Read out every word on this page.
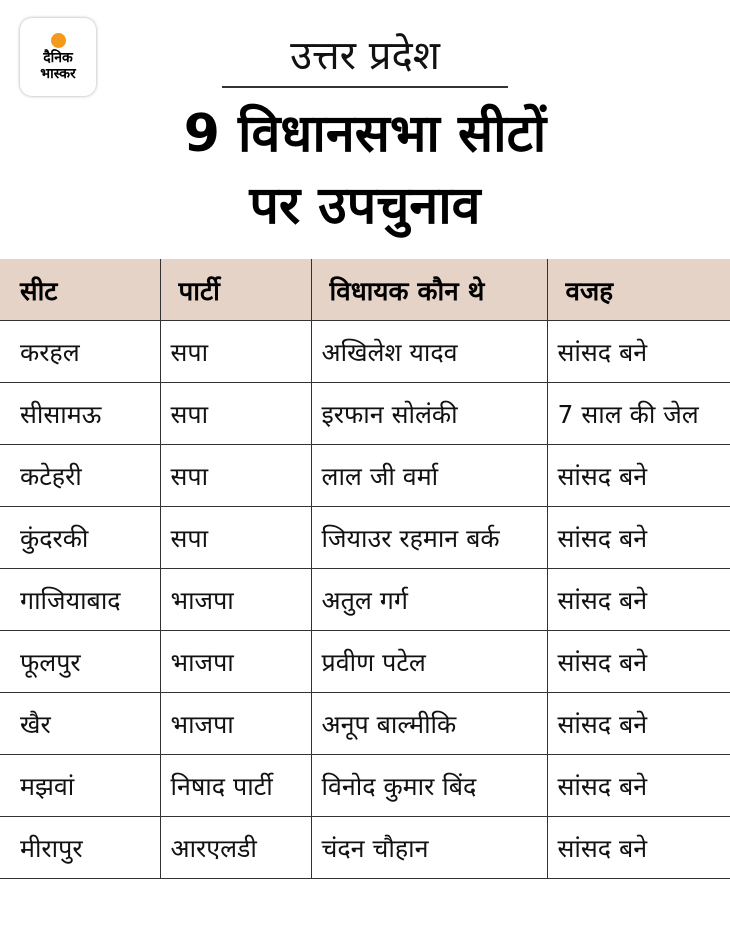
दैनिक
भास्कर	उत्तर प्रदेश
9 विधानसभा सीटों
पर उपचुनाव
सीट	पार्टी	विधायक कौन थे	वजह
करहल	सपा	अखिलेश यादव	सांसद बने
सीसामऊ	सपा	इरफान सोलंकी	7 साल की जेल
कटेहरी	सपा	लाल जी वर्मा	सांसद बने
कुंदरकी	सपा	जियाउर रहमान बर्क	सांसद बने
गाजियाबाद	भाजपा	अतुल गर्ग	सांसद बने
फूलपुर	भाजपा	प्रवीण पटेल	सांसद बने
खैर	भाजपा	अनूप बाल्मीकि	सांसद बने
मझवां	निषाद पार्टी	विनोद कुमार बिंद	सांसद बने
मीरापुर	आरएलडी	चंदन चौहान	सांसद बने
